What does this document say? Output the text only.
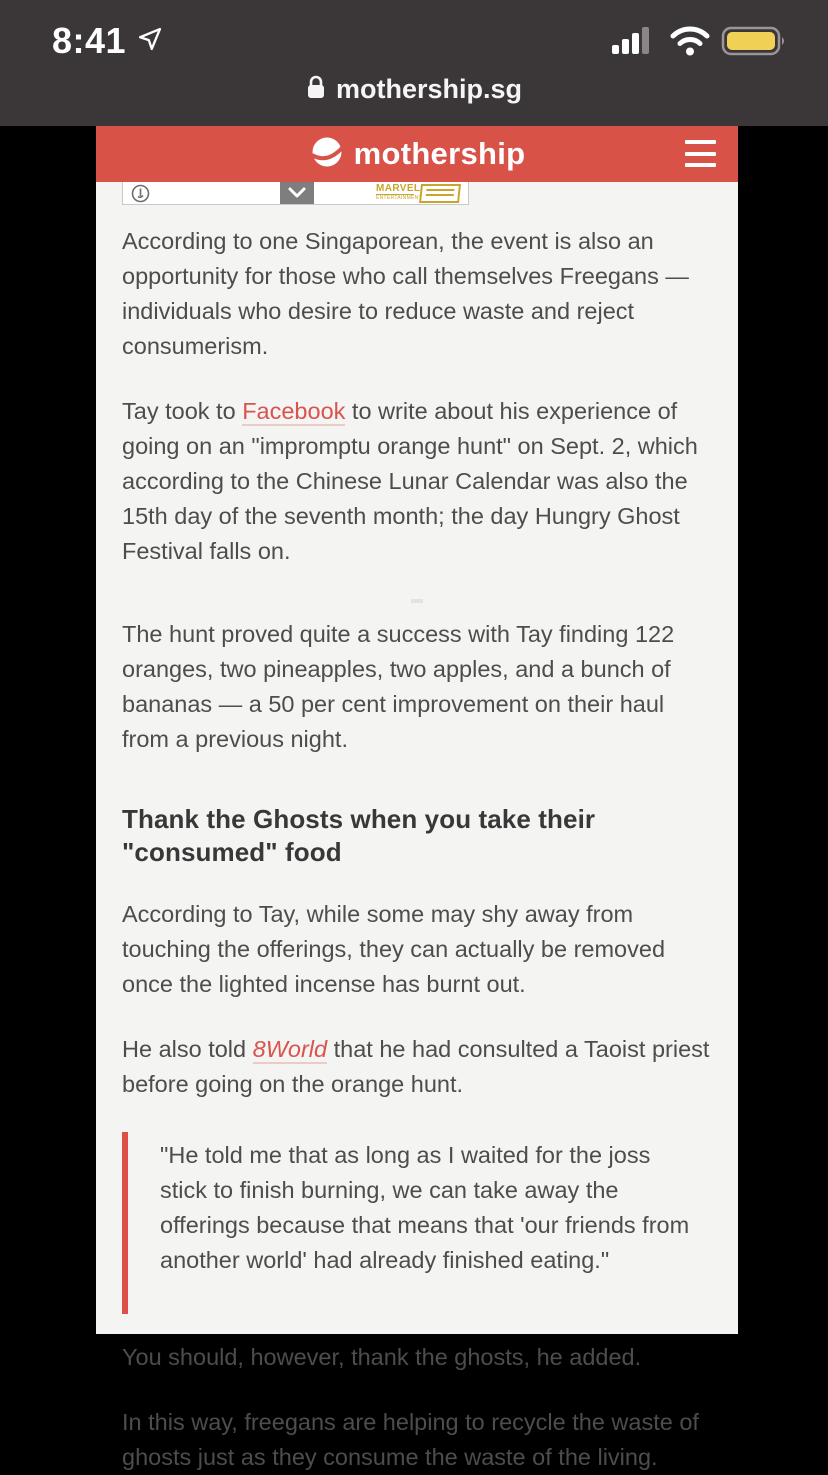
8:41
mothership.sg
mothership
MARVEL
ENTERTAINMENT

According to one Singaporean, the event is also an opportunity for those who call themselves Freegans — individuals who desire to reduce waste and reject consumerism.

Tay took to Facebook to write about his experience of going on an "impromptu orange hunt" on Sept. 2, which according to the Chinese Lunar Calendar was also the 15th day of the seventh month; the day Hungry Ghost Festival falls on.

The hunt proved quite a success with Tay finding 122 oranges, two pineapples, two apples, and a bunch of bananas — a 50 per cent improvement on their haul from a previous night.

Thank the Ghosts when you take their "consumed" food

According to Tay, while some may shy away from touching the offerings, they can actually be removed once the lighted incense has burnt out.

He also told 8World that he had consulted a Taoist priest before going on the orange hunt.

"He told me that as long as I waited for the joss stick to finish burning, we can take away the offerings because that means that 'our friends from another world' had already finished eating."

You should, however, thank the ghosts, he added.

In this way, freegans are helping to recycle the waste of ghosts just as they consume the waste of the living.
